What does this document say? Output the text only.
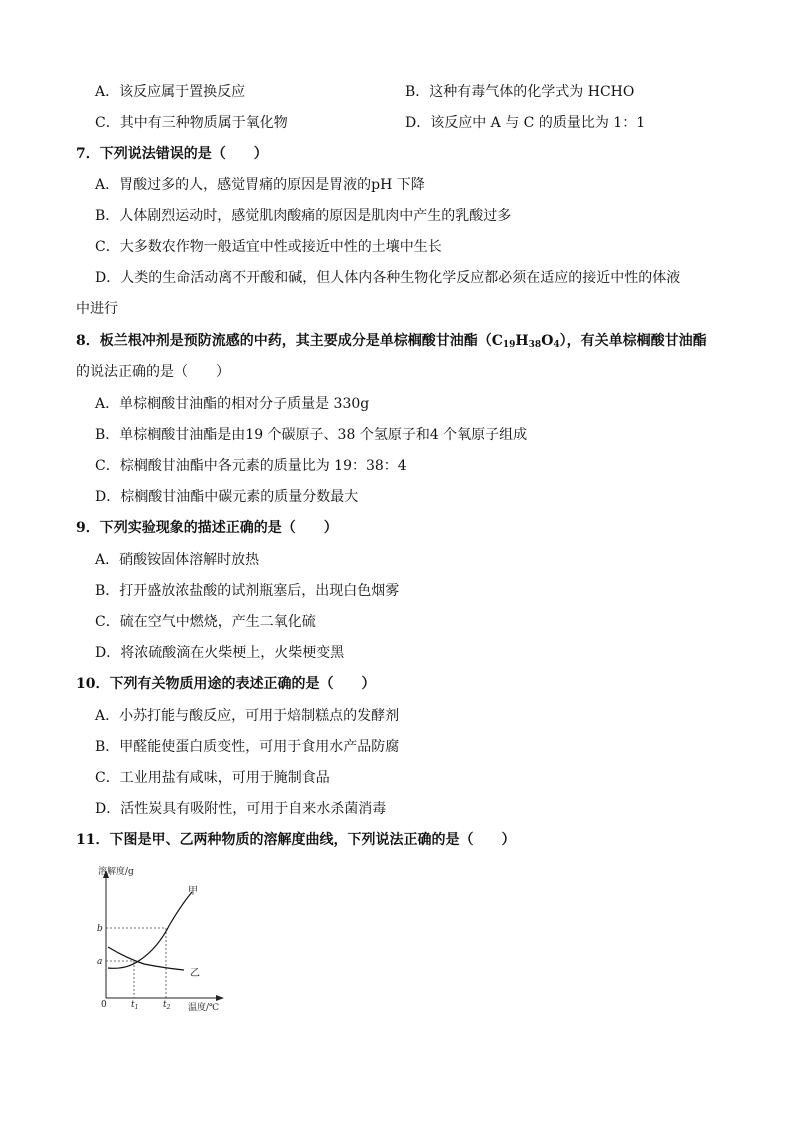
A．该反应属于置换反应	B．这种有毒气体的化学式为 HCHO
C．其中有三种物质属于氧化物	D．该反应中 A 与 C 的质量比为 1：1
7．下列说法错误的是（　　）
A．胃酸过多的人，感觉胃痛的原因是胃液的pH 下降
B．人体剧烈运动时，感觉肌肉酸痛的原因是肌肉中产生的乳酸过多
C．大多数农作物一般适宜中性或接近中性的土壤中生长
D．人类的生命活动离不开酸和碱，但人体内各种生物化学反应都必须在适应的接近中性的体液
中进行
8．板兰根冲剂是预防流感的中药，其主要成分是单棕榈酸甘油酯$(C_{19}H_{38}O_4)$，有关单棕榈酸甘油酯
的说法正确的是（　　）
A．单棕榈酸甘油酯的相对分子质量是 330g
B．单棕榈酸甘油酯是由19 个碳原子、38 个氢原子和4 个氧原子组成
C．棕榈酸甘油酯中各元素的质量比为 19：38：4
D．棕榈酸甘油酯中碳元素的质量分数最大
9．下列实验现象的描述正确的是（　　）
A．硝酸铵固体溶解时放热
B．打开盛放浓盐酸的试剂瓶塞后，出现白色烟雾
C．硫在空气中燃烧，产生二氧化硫
D．将浓硫酸滴在火柴梗上，火柴梗变黑
10．下列有关物质用途的表述正确的是（　　）
A．小苏打能与酸反应，可用于焙制糕点的发酵剂
B．甲醛能使蛋白质变性，可用于食用水产品防腐
C．工业用盐有咸味，可用于腌制食品
D．活性炭具有吸附性，可用于自来水杀菌消毒
11．下图是甲、乙两种物质的溶解度曲线，下列说法正确的是（　　）
溶解度/g
温度/℃
0
b
a
$t_1$	$t_2$
甲
乙
